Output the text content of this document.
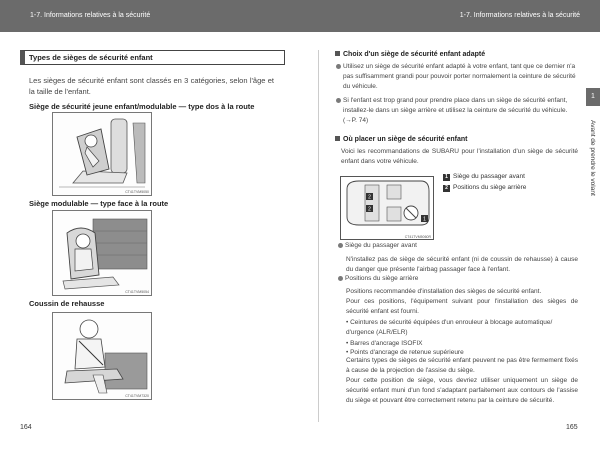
1-7. Informations relatives à la sécurité	1-7. Informations relatives à la sécurité
Types de sièges de sécurité enfant
Les sièges de sécurité enfant sont classés en 3 catégories, selon l'âge et la taille de l'enfant.
Siège de sécurité jeune enfant/modulable — type dos à la route
CT41TVM5050
Siège modulable — type face à la route
CT41TVM5054
Coussin de rehausse
CT41TVM7320
164
Choix d'un siège de sécurité enfant adapté
Utilisez un siège de sécurité enfant adapté à votre enfant, tant que ce dernier n'a pas suffisamment grandi pour pouvoir porter normalement la ceinture de sécurité du véhicule.
Si l'enfant est trop grand pour prendre place dans un siège de sécurité enfant, installez-le dans un siège arrière et utilisez la ceinture de sécurité du véhicule. (→P. 74)
Où placer un siège de sécurité enfant
Voici les recommandations de SUBARU pour l'installation d'un siège de sécurité enfant dans votre véhicule.
2
2
1
CT41TVM5060R
1 Siège du passager avant
2 Positions du siège arrière
Siège du passager avant
N'installez pas de siège de sécurité enfant (ni de coussin de rehausse) à cause du danger que présente l'airbag passager face à l'enfant.
Positions du siège arrière
Positions recommandée d'installation des sièges de sécurité enfant.
Pour ces positions, l'équipement suivant pour l'installation des sièges de sécurité enfant est fourni.
• Ceintures de sécurité équipées d'un enrouleur à blocage automatique/ d'urgence (ALR/ELR)
• Barres d'ancrage ISOFIX
• Points d'ancrage de retenue supérieure
Certains types de sièges de sécurité enfant peuvent ne pas être fermement fixés à cause de la projection de l'assise du siège.
Pour cette position de siège, vous devriez utiliser uniquement un siège de sécurité enfant muni d'un fond s'adaptant parfaitement aux contours de l'assise du siège et pouvant être correctement retenu par la ceinture de sécurité.
165
1
Avant de prendre le volant
